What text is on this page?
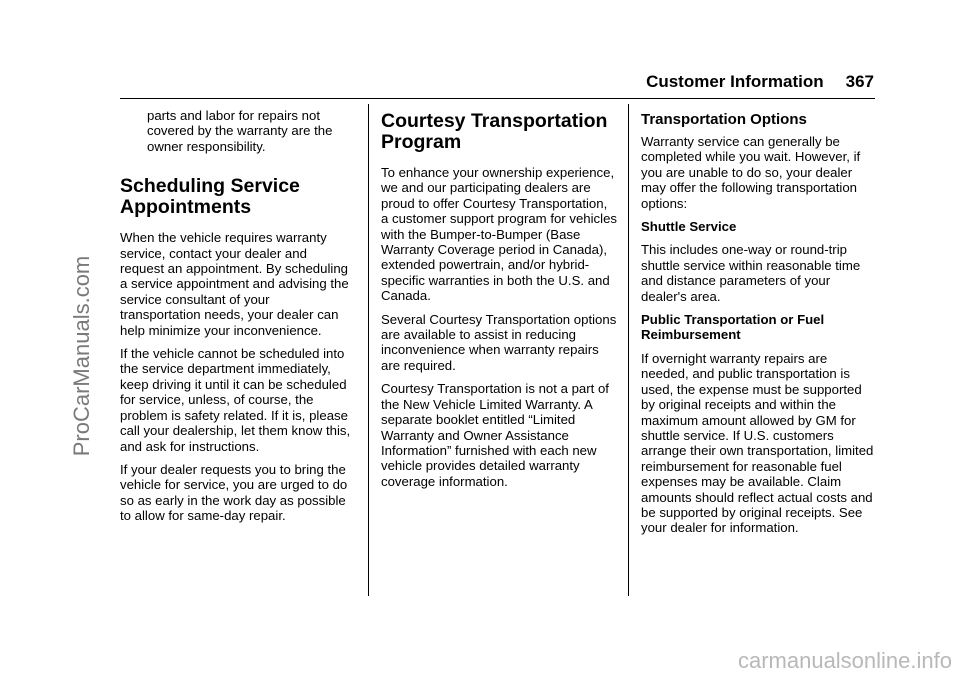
ProCarManuals.com
Customer Information 367

parts and labor for repairs not covered by the warranty are the owner responsibility.

Scheduling Service Appointments

When the vehicle requires warranty service, contact your dealer and request an appointment. By scheduling a service appointment and advising the service consultant of your transportation needs, your dealer can help minimize your inconvenience.

If the vehicle cannot be scheduled into the service department immediately, keep driving it until it can be scheduled for service, unless, of course, the problem is safety related. If it is, please call your dealership, let them know this, and ask for instructions.

If your dealer requests you to bring the vehicle for service, you are urged to do so as early in the work day as possible to allow for same-day repair.

Courtesy Transportation Program

To enhance your ownership experience, we and our participating dealers are proud to offer Courtesy Transportation, a customer support program for vehicles with the Bumper-to-Bumper (Base Warranty Coverage period in Canada), extended powertrain, and/or hybrid-specific warranties in both the U.S. and Canada.

Several Courtesy Transportation options are available to assist in reducing inconvenience when warranty repairs are required.

Courtesy Transportation is not a part of the New Vehicle Limited Warranty. A separate booklet entitled “Limited Warranty and Owner Assistance Information” furnished with each new vehicle provides detailed warranty coverage information.

Transportation Options

Warranty service can generally be completed while you wait. However, if you are unable to do so, your dealer may offer the following transportation options:

Shuttle Service

This includes one-way or round-trip shuttle service within reasonable time and distance parameters of your dealer's area.

Public Transportation or Fuel Reimbursement

If overnight warranty repairs are needed, and public transportation is used, the expense must be supported by original receipts and within the maximum amount allowed by GM for shuttle service. If U.S. customers arrange their own transportation, limited reimbursement for reasonable fuel expenses may be available. Claim amounts should reflect actual costs and be supported by original receipts. See your dealer for information.

carmanualsonline.info
